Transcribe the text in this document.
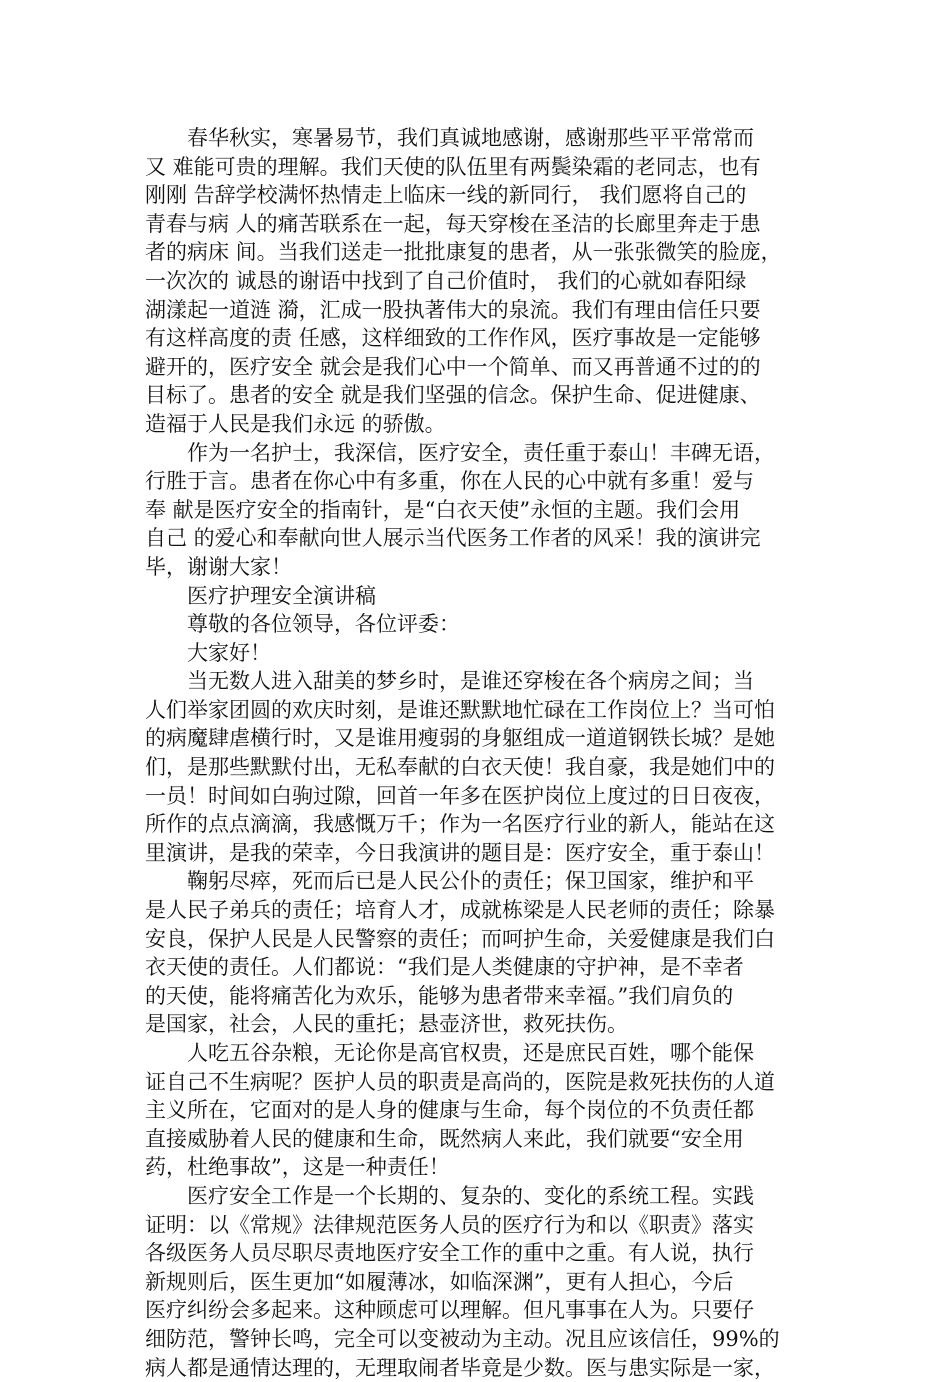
　　春华秋实，寒暑易节，我们真诚地感谢，感谢那些平平常常而
又 难能可贵的理解。我们天使的队伍里有两鬓染霜的老同志，也有
刚刚 告辞学校满怀热情走上临床一线的新同行， 我们愿将自己的
青春与病 人的痛苦联系在一起，每天穿梭在圣洁的长廊里奔走于患
者的病床 间。当我们送走一批批康复的患者，从一张张微笑的脸庞，
一次次的 诚恳的谢语中找到了自己价值时， 我们的心就如春阳绿
湖漾起一道涟 漪，汇成一股执著伟大的泉流。我们有理由信任只要
有这样高度的责 任感，这样细致的工作作风，医疗事故是一定能够
避开的，医疗安全 就会是我们心中一个简单、而又再普通不过的的
目标了。患者的安全 就是我们坚强的信念。保护生命、促进健康、
造福于人民是我们永远 的骄傲。
　　作为一名护士，我深信，医疗安全，责任重于泰山！丰碑无语，
行胜于言。患者在你心中有多重，你在人民的心中就有多重！爱与
奉 献是医疗安全的指南针，是“白衣天使”永恒的主题。我们会用
自己 的爱心和奉献向世人展示当代医务工作者的风采！我的演讲完
毕，谢谢大家！
　　医疗护理安全演讲稿
　　尊敬的各位领导，各位评委：
　　大家好！
　　当无数人进入甜美的梦乡时，是谁还穿梭在各个病房之间；当
人们举家团圆的欢庆时刻，是谁还默默地忙碌在工作岗位上？当可怕
的病魔肆虐横行时，又是谁用瘦弱的身躯组成一道道钢铁长城？是她
们，是那些默默付出，无私奉献的白衣天使！我自豪，我是她们中的
一员！时间如白驹过隙，回首一年多在医护岗位上度过的日日夜夜，
所作的点点滴滴，我感慨万千；作为一名医疗行业的新人，能站在这
里演讲，是我的荣幸，今日我演讲的题目是：医疗安全，重于泰山！
　　鞠躬尽瘁，死而后已是人民公仆的责任；保卫国家，维护和平
是人民子弟兵的责任；培育人才，成就栋梁是人民老师的责任；除暴
安良，保护人民是人民警察的责任；而呵护生命，关爱健康是我们白
衣天使的责任。人们都说：“我们是人类健康的守护神，是不幸者
的天使，能将痛苦化为欢乐，能够为患者带来幸福。”我们肩负的
是国家，社会，人民的重托；悬壶济世，救死扶伤。
　　人吃五谷杂粮，无论你是高官权贵，还是庶民百姓，哪个能保
证自己不生病呢？医护人员的职责是高尚的，医院是救死扶伤的人道
主义所在，它面对的是人身的健康与生命，每个岗位的不负责任都
直接威胁着人民的健康和生命，既然病人来此，我们就要“安全用
药，杜绝事故”，这是一种责任！
　　医疗安全工作是一个长期的、复杂的、变化的系统工程。实践
证明：以《常规》法律规范医务人员的医疗行为和以《职责》落实
各级医务人员尽职尽责地医疗安全工作的重中之重。有人说，执行
新规则后，医生更加“如履薄冰，如临深渊”，更有人担心，今后
医疗纠纷会多起来。这种顾虑可以理解。但凡事事在人为。只要仔
细防范，警钟长鸣，完全可以变被动为主动。况且应该信任，99%的
病人都是通情达理的，无理取闹者毕竟是少数。医与患实际是一家，
